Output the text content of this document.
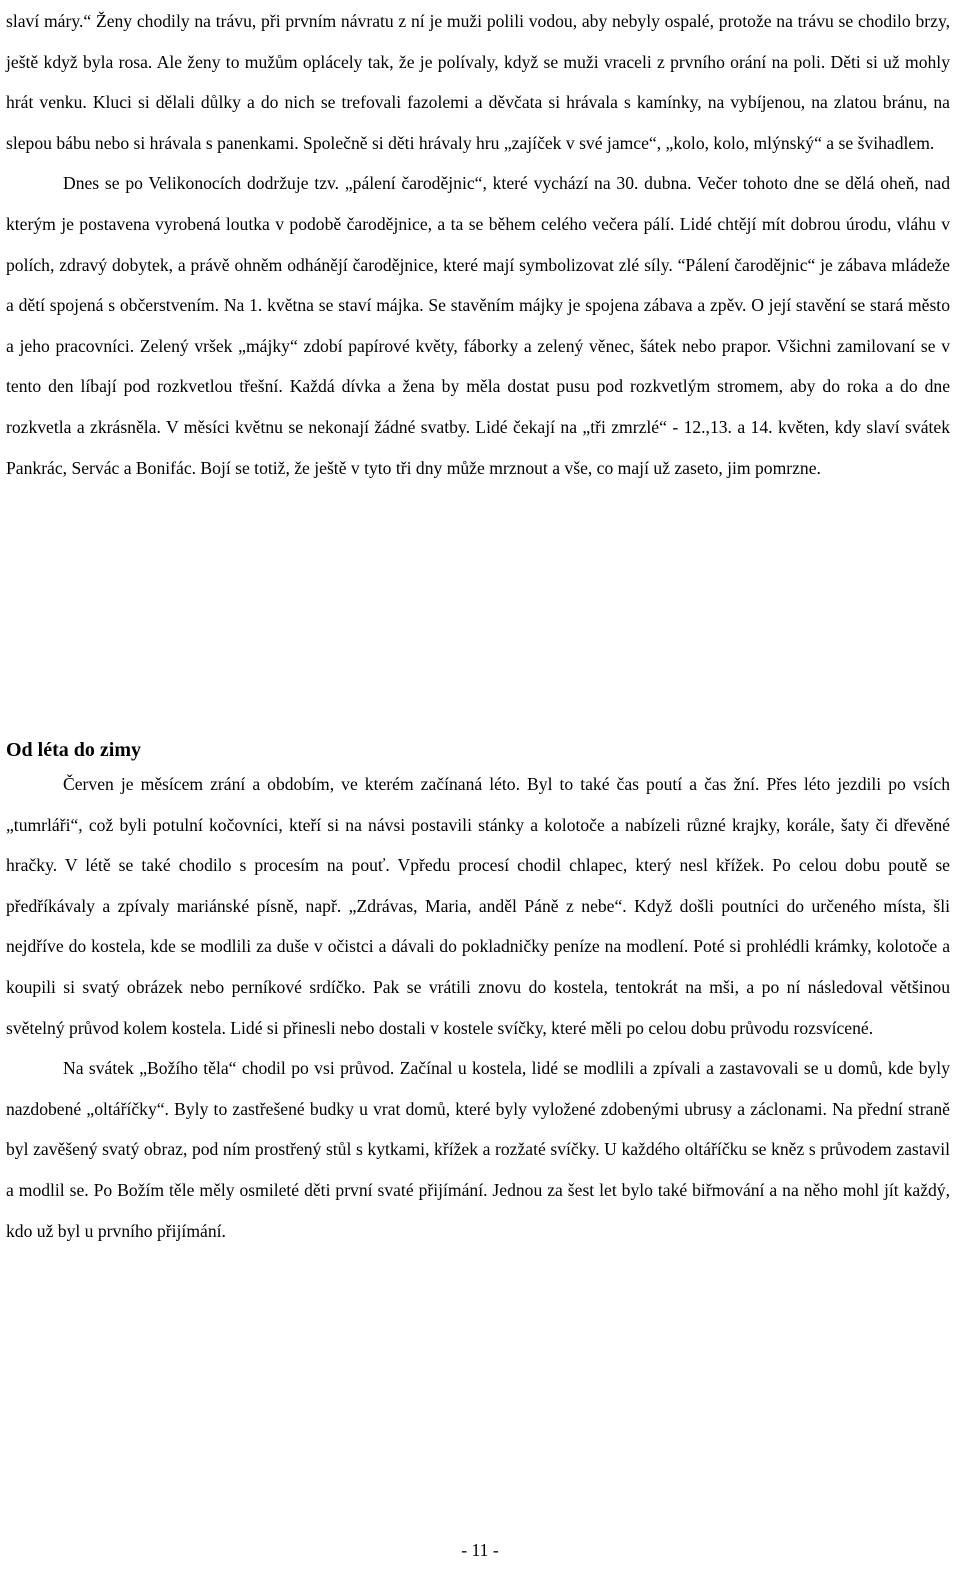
slaví máry.“ Ženy chodily na trávu, při prvním návratu z ní je muži polili vodou, aby nebyly ospalé, protože na trávu se chodilo brzy, ještě když byla rosa. Ale ženy to mužům oplácely tak, že je polívaly, když se muži vraceli z prvního orání na poli. Děti si už mohly hrát venku. Kluci si dělali důlky a do nich se trefovali fazolemi a děvčata si hrávala s kamínky, na vybíjenou, na zlatou bránu, na slepou bábu nebo si hrávala s panenkami. Společně si děti hrávaly hru „zajíček v své jamce“, „kolo, kolo, mlýnský“ a se švihadlem.

Dnes se po Velikonocích dodržuje tzv. „pálení čarodějnic“, které vychází na 30. dubna. Večer tohoto dne se dělá oheň, nad kterým je postavena vyrobená loutka v podobě čarodějnice, a ta se během celého večera pálí. Lidé chtějí mít dobrou úrodu, vláhu v polích, zdravý dobytek, a právě ohněm odhánějí čarodějnice, které mají symbolizovat zlé síly. “Pálení čarodějnic“ je zábava mládeže a dětí spojená s občerstvením. Na 1. května se staví májka. Se stavěním májky je spojena zábava a zpěv. O její stavění se stará město a jeho pracovníci. Zelený vršek „májky“ zdobí papírové květy, fáborky a zelený věnec, šátek nebo prapor. Všichni zamilovaní se v tento den líbají pod rozkvetlou třešní. Každá dívka a žena by měla dostat pusu pod rozkvetlým stromem, aby do roka a do dne rozkvetla a zkrásněla. V měsíci květnu se nekonají žádné svatby. Lidé čekají na „tři zmrzlé“ - 12.,13. a 14. květen, kdy slaví svátek Pankrác, Servác a Bonifác. Bojí se totiž, že ještě v tyto tři dny může mrznout a vše, co mají už zaseto, jim pomrzne.

Od léta do zimy

Červen je měsícem zrání a obdobím, ve kterém začínaná léto. Byl to také čas poutí a čas žní. Přes léto jezdili po vsích „tumrláři“, což byli potulní kočovníci, kteří si na návsi postavili stánky a kolotoče a nabízeli různé krajky, korále, šaty či dřevěné hračky. V létě se také chodilo s procesím na pouť. Vpředu procesí chodil chlapec, který nesl křížek. Po celou dobu poutě se předříkávaly a zpívaly mariánské písně, např. „Zdrávas, Maria, anděl Páně z nebe“. Když došli poutníci do určeného místa, šli nejdříve do kostela, kde se modlili za duše v očistci a dávali do pokladničky peníze na modlení. Poté si prohlédli krámky, kolotoče a koupili si svatý obrázek nebo perníkové srdíčko. Pak se vrátili znovu do kostela, tentokrát na mši, a po ní následoval většinou světelný průvod kolem kostela. Lidé si přinesli nebo dostali v kostele svíčky, které měli po celou dobu průvodu rozsvícené.

Na svátek „Božího těla“ chodil po vsi průvod. Začínal u kostela, lidé se modlili a zpívali a zastavovali se u domů, kde byly nazdobené „oltáříčky“. Byly to zastřešené budky u vrat domů, které byly vyložené zdobenými ubrusy a záclonami. Na přední straně byl zavěšený svatý obraz, pod ním prostřený stůl s kytkami, křížek a rozžaté svíčky. U každého oltáříčku se kněz s průvodem zastavil a modlil se. Po Božím těle měly osmileté děti první svaté přijímání. Jednou za šest let bylo také biřmování a na něho mohl jít každý, kdo už byl u prvního přijímání.

- 11 -
